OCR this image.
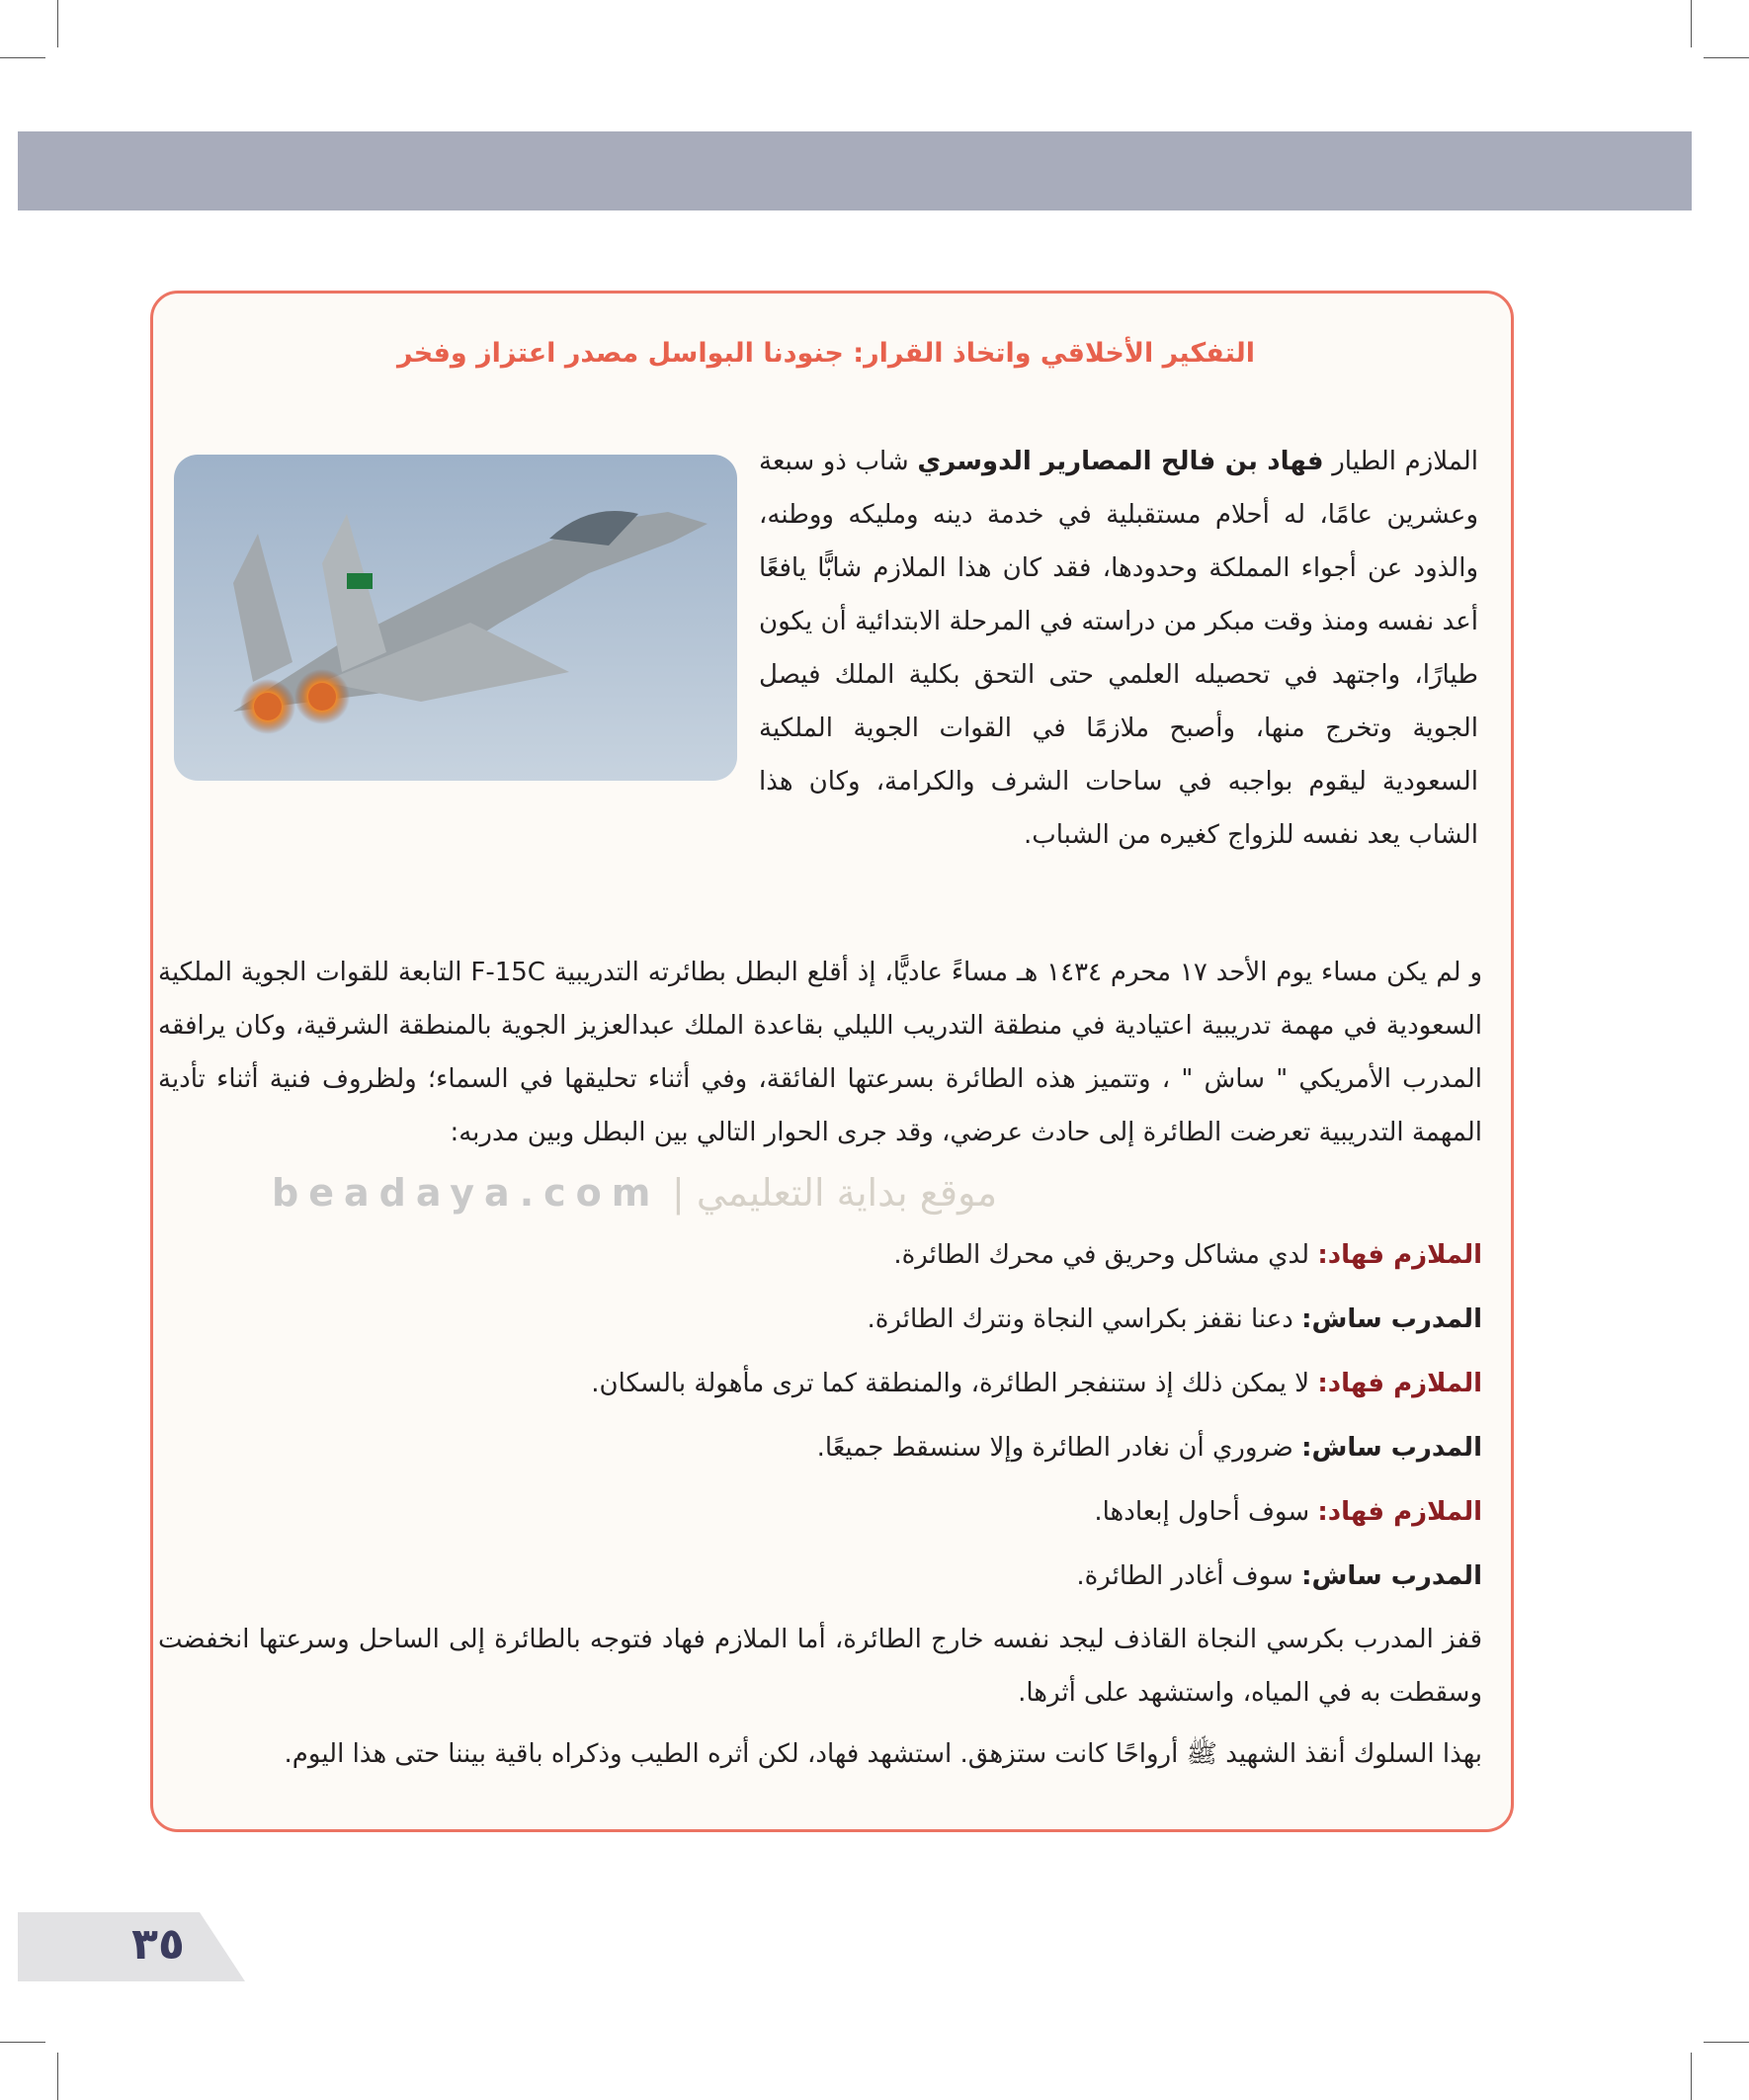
التفكير الأخلاقي واتخاذ القرار: جنودنا البواسل مصدر اعتزاز وفخر

الملازم الطيار فهاد بن فالح المصارير الدوسري شاب ذو سبعة وعشرين عامًا، له أحلام مستقبلية في خدمة دينه ومليكه ووطنه، والذود عن أجواء المملكة وحدودها، فقد كان هذا الملازم شابًّا يافعًا أعد نفسه ومنذ وقت مبكر من دراسته في المرحلة الابتدائية أن يكون طيارًا، واجتهد في تحصيله العلمي حتى التحق بكلية الملك فيصل الجوية وتخرج منها، وأصبح ملازمًا في القوات الجوية الملكية السعودية ليقوم بواجبه في ساحات الشرف والكرامة، وكان هذا الشاب يعد نفسه للزواج كغيره من الشباب.

و لم يكن مساء يوم الأحد ١٧ محرم ١٤٣٤ هـ مساءً عاديًّا، إذ أقلع البطل بطائرته التدريبية F-15C التابعة للقوات الجوية الملكية السعودية في مهمة تدريبية اعتيادية في منطقة التدريب الليلي بقاعدة الملك عبدالعزيز الجوية بالمنطقة الشرقية، وكان يرافقه المدرب الأمريكي " ساش " ، وتتميز هذه الطائرة بسرعتها الفائقة، وفي أثناء تحليقها في السماء؛ ولظروف فنية أثناء تأدية المهمة التدريبية تعرضت الطائرة إلى حادث عرضي، وقد جرى الحوار التالي بين البطل وبين مدربه:

الملازم فهاد: لدي مشاكل وحريق في محرك الطائرة.
المدرب ساش: دعنا نقفز بكراسي النجاة ونترك الطائرة.
الملازم فهاد: لا يمكن ذلك إذ ستنفجر الطائرة، والمنطقة كما ترى مأهولة بالسكان.
المدرب ساش: ضروري أن نغادر الطائرة وإلا سنسقط جميعًا.
الملازم فهاد: سوف أحاول إبعادها.
المدرب ساش: سوف أغادر الطائرة.

قفز المدرب بكرسي النجاة القاذف ليجد نفسه خارج الطائرة، أما الملازم فهاد فتوجه بالطائرة إلى الساحل وسرعتها انخفضت وسقطت به في المياه، واستشهد على أثرها.

بهذا السلوك أنقذ الشهيد ﷺ أرواحًا كانت ستزهق. استشهد فهاد، لكن أثره الطيب وذكراه باقية بيننا حتى هذا اليوم.
beadaya.com موقع بداية التعليمي |
٣٥
